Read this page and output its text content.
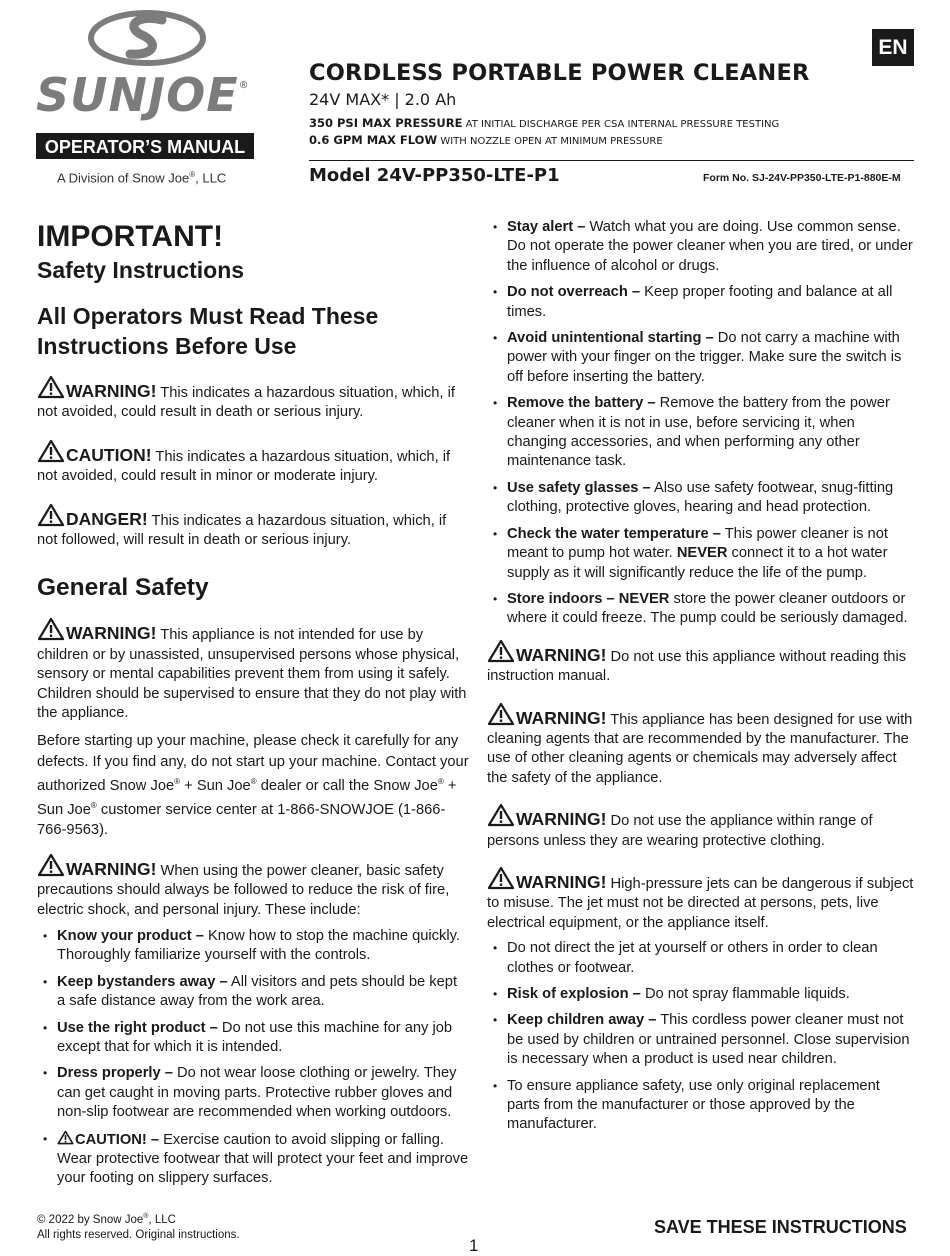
SUNJOE®
OPERATOR’S MANUAL
A Division of Snow Joe®, LLC
EN
CORDLESS PORTABLE POWER CLEANER
24V MAX* | 2.0 Ah
350 PSI MAX PRESSURE AT INITIAL DISCHARGE PER CSA INTERNAL PRESSURE TESTING
0.6 GPM MAX FLOW WITH NOZZLE OPEN AT MINIMUM PRESSURE
Model 24V-PP350-LTE-P1	Form No. SJ-24V-PP350-LTE-P1-880E-M
IMPORTANT!
Safety Instructions
All Operators Must Read These Instructions Before Use

WARNING! This indicates a hazardous situation, which, if not avoided, could result in death or serious injury.

CAUTION! This indicates a hazardous situation, which, if not avoided, could result in minor or moderate injury.

DANGER! This indicates a hazardous situation, which, if not followed, will result in death or serious injury.

General Safety

WARNING! This appliance is not intended for use by children or by unassisted, unsupervised persons whose physical, sensory or mental capabilities prevent them from using it safely. Children should be supervised to ensure that they do not play with the appliance.

Before starting up your machine, please check it carefully for any defects. If you find any, do not start up your machine. Contact your authorized Snow Joe® + Sun Joe® dealer or call the Snow Joe® + Sun Joe® customer service center at 1-866-SNOWJOE (1-866-766-9563).

WARNING! When using the power cleaner, basic safety precautions should always be followed to reduce the risk of fire, electric shock, and personal injury. These include:

• Know your product – Know how to stop the machine quickly. Thoroughly familiarize yourself with the controls.
• Keep bystanders away – All visitors and pets should be kept a safe distance away from the work area.
• Use the right product – Do not use this machine for any job except that for which it is intended.
• Dress properly – Do not wear loose clothing or jewelry. They can get caught in moving parts. Protective rubber gloves and non-slip footwear are recommended when working outdoors.
• CAUTION! – Exercise caution to avoid slipping or falling. Wear protective footwear that will protect your feet and improve your footing on slippery surfaces.
• Stay alert – Watch what you are doing. Use common sense. Do not operate the power cleaner when you are tired, or under the influence of alcohol or drugs.
• Do not overreach – Keep proper footing and balance at all times.
• Avoid unintentional starting – Do not carry a machine with power with your finger on the trigger. Make sure the switch is off before inserting the battery.
• Remove the battery – Remove the battery from the power cleaner when it is not in use, before servicing it, when changing accessories, and when performing any other maintenance task.
• Use safety glasses – Also use safety footwear, snug-fitting clothing, protective gloves, hearing and head protection.
• Check the water temperature – This power cleaner is not meant to pump hot water. NEVER connect it to a hot water supply as it will significantly reduce the life of the pump.
• Store indoors – NEVER store the power cleaner outdoors or where it could freeze. The pump could be seriously damaged.

WARNING! Do not use this appliance without reading this instruction manual.

WARNING! This appliance has been designed for use with cleaning agents that are recommended by the manufacturer. The use of other cleaning agents or chemicals may adversely affect the safety of the appliance.

WARNING! Do not use the appliance within range of persons unless they are wearing protective clothing.

WARNING! High-pressure jets can be dangerous if subject to misuse. The jet must not be directed at persons, pets, live electrical equipment, or the appliance itself.

• Do not direct the jet at yourself or others in order to clean clothes or footwear.
• Risk of explosion – Do not spray flammable liquids.
• Keep children away – This cordless power cleaner must not be used by children or untrained personnel. Close supervision is necessary when a product is used near children.
• To ensure appliance safety, use only original replacement parts from the manufacturer or those approved by the manufacturer.
© 2022 by Snow Joe®, LLC
All rights reserved. Original instructions.	SAVE THESE INSTRUCTIONS
1
